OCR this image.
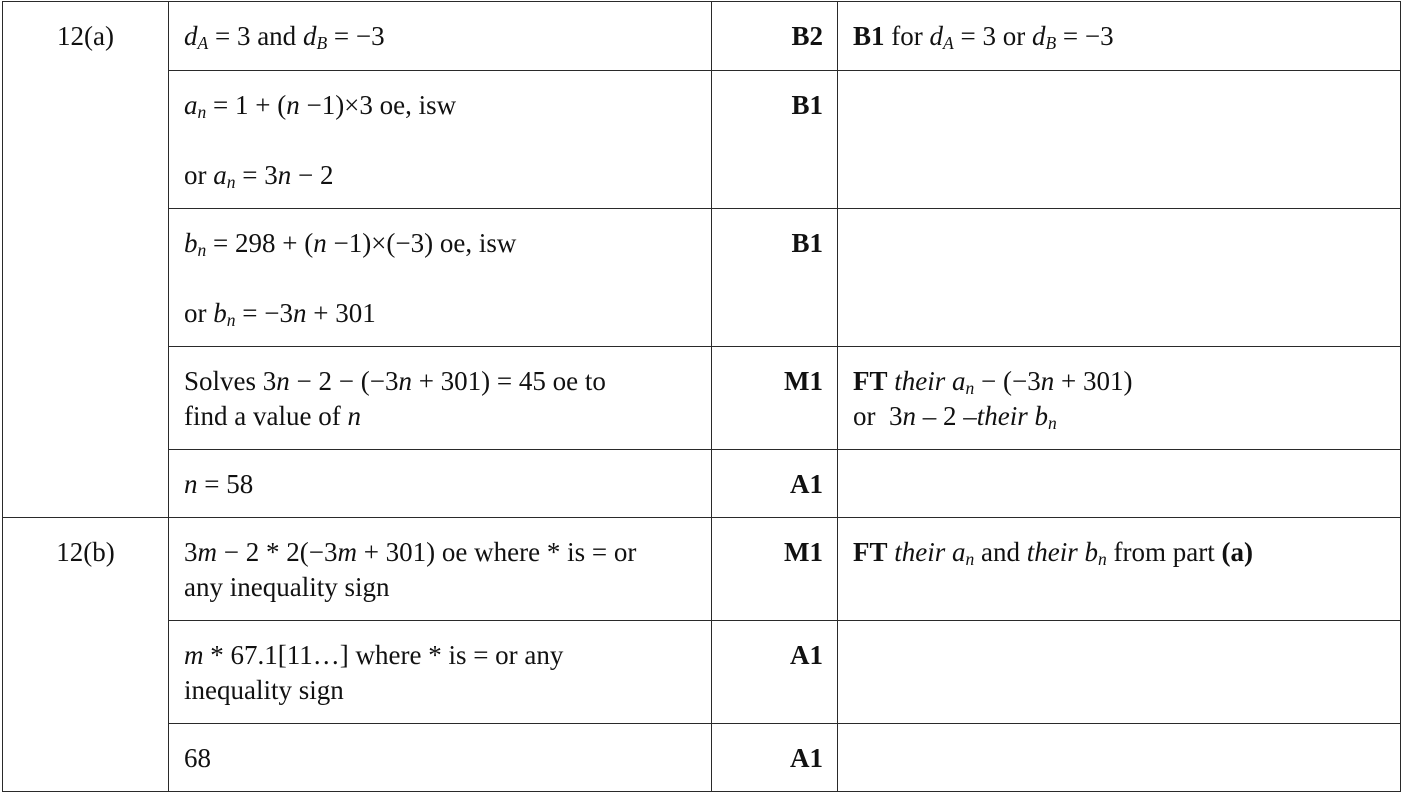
12(a)	$d_A = 3$ and $d_B = -3$	B2	B1 for $d_A = 3$ or $d_B = -3$

	$a_n = 1 + (n -1)\times 3$ oe, isw
or $a_n = 3n - 2$	B1	

	$b_n = 298 + (n -1)\times(-3)$ oe, isw
or $b_n = -3n + 301$	B1	

	Solves 3n − 2 − (−3n + 301) = 45 oe to
find a value of n	M1	FT their $a_n - (-3n + 301)$
or  3n – 2 –their $b_n$

	n = 58	A1	
12(b)	3m − 2 * 2(−3m + 301) oe where * is = or
any inequality sign	M1	FT their $a_n$ and their $b_n$ from part (a)

	m * 67.1[11…] where * is = or any
inequality sign	A1	

	68	A1	
